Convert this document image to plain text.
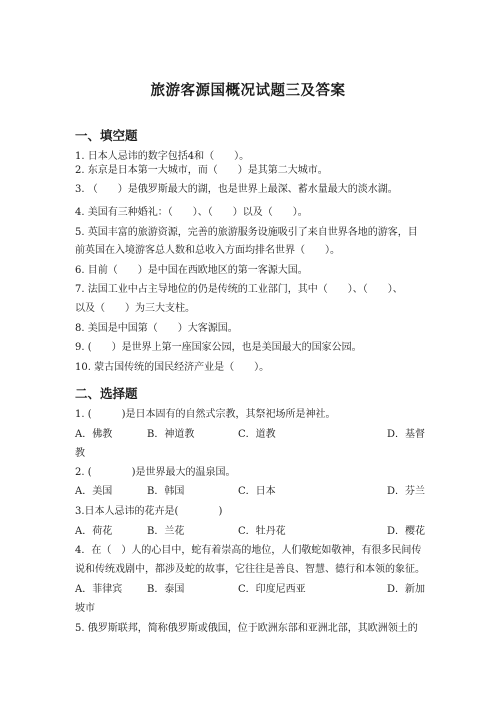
旅游客源国概况试题三及答案
一、填空题
1. 日本人忌讳的数字包括4和（　　）。
2. 东京是日本第一大城市，而（　　）是其第二大城市。
3. （　　）是俄罗斯最大的湖，也是世界上最深、蓄水量最大的淡水湖。
4. 美国有三种婚礼：（　　）、（　　）以及（　　）。
5. 英国丰富的旅游资源，完善的旅游服务设施吸引了来自世界各地的游客，目
前英国在入境游客总人数和总收入方面均排名世界（　　）。
6. 目前（　　）是中国在西欧地区的第一客源大国。
7. 法国工业中占主导地位的仍是传统的工业部门，其中（　　）、（　　）、
以及（　　）为三大支柱。
8. 美国是中国第（　　）大客源国。
9. (　　）是世界上第一座国家公园，也是美国最大的国家公园。
10. 蒙古国传统的国民经济产业是（　　）。
二、选择题
1. (　　　)是日本固有的自然式宗教，其祭祀场所是神社。
A．佛教	B．神道教	C．道教	D．基督
教
2. (　　　　)是世界最大的温泉国。
A．美国	B．韩国	C．日本	D．芬兰
3.日本人忌讳的花卉是(　　　　)
A．荷花	B．兰花	C．牡丹花	D．樱花
4．在（　）人的心目中，蛇有着崇高的地位，人们敬蛇如敬神，有很多民间传
说和传统戏剧中，都涉及蛇的故事，它往往是善良、智慧、德行和本领的象征。
A．菲律宾 B．泰国	C．印度尼西亚	D．新加
坡市
5. 俄罗斯联邦，简称俄罗斯或俄国，位于欧洲东部和亚洲北部，其欧洲领土的
